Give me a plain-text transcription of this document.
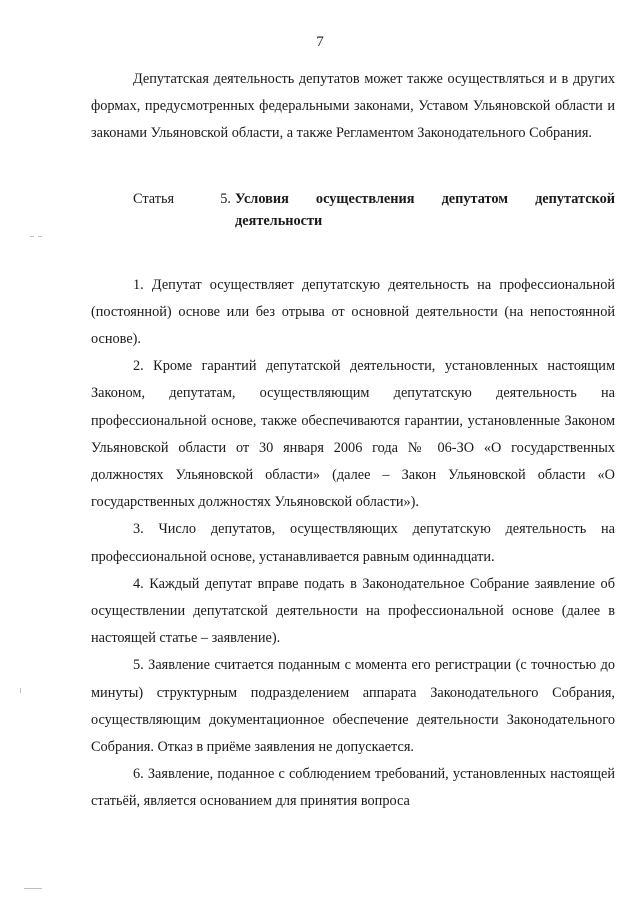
7

Депутатская деятельность депутатов может также осуществляться и в других формах, предусмотренных федеральными законами, Уставом Ульяновской области и законами Ульяновской области, а также Регламентом Законодательного Собрания.

Статья	5. Условия осуществления депутатом депутатской деятельности

1. Депутат осуществляет депутатскую деятельность на профессиональной (постоянной) основе или без отрыва от основной деятельности (на непостоянной основе).

2. Кроме гарантий депутатской деятельности, установленных настоящим Законом, депутатам, осуществляющим депутатскую деятельность на профессиональной основе, также обеспечиваются гарантии, установленные Законом Ульяновской области от 30 января 2006 года № 06-ЗО «О государственных должностях Ульяновской области» (далее – Закон Ульяновской области «О государственных должностях Ульяновской области»).

3. Число депутатов, осуществляющих депутатскую деятельность на профессиональной основе, устанавливается равным одиннадцати.

4. Каждый депутат вправе подать в Законодательное Собрание заявление об осуществлении депутатской деятельности на профессиональной основе (далее в настоящей статье – заявление).

5. Заявление считается поданным с момента его регистрации (с точностью до минуты) структурным подразделением аппарата Законодательного Собрания, осуществляющим документационное обеспечение деятельности Законодательного Собрания. Отказ в приёме заявления не допускается.

6. Заявление, поданное с соблюдением требований, установленных настоящей статьёй, является основанием для принятия вопроса
